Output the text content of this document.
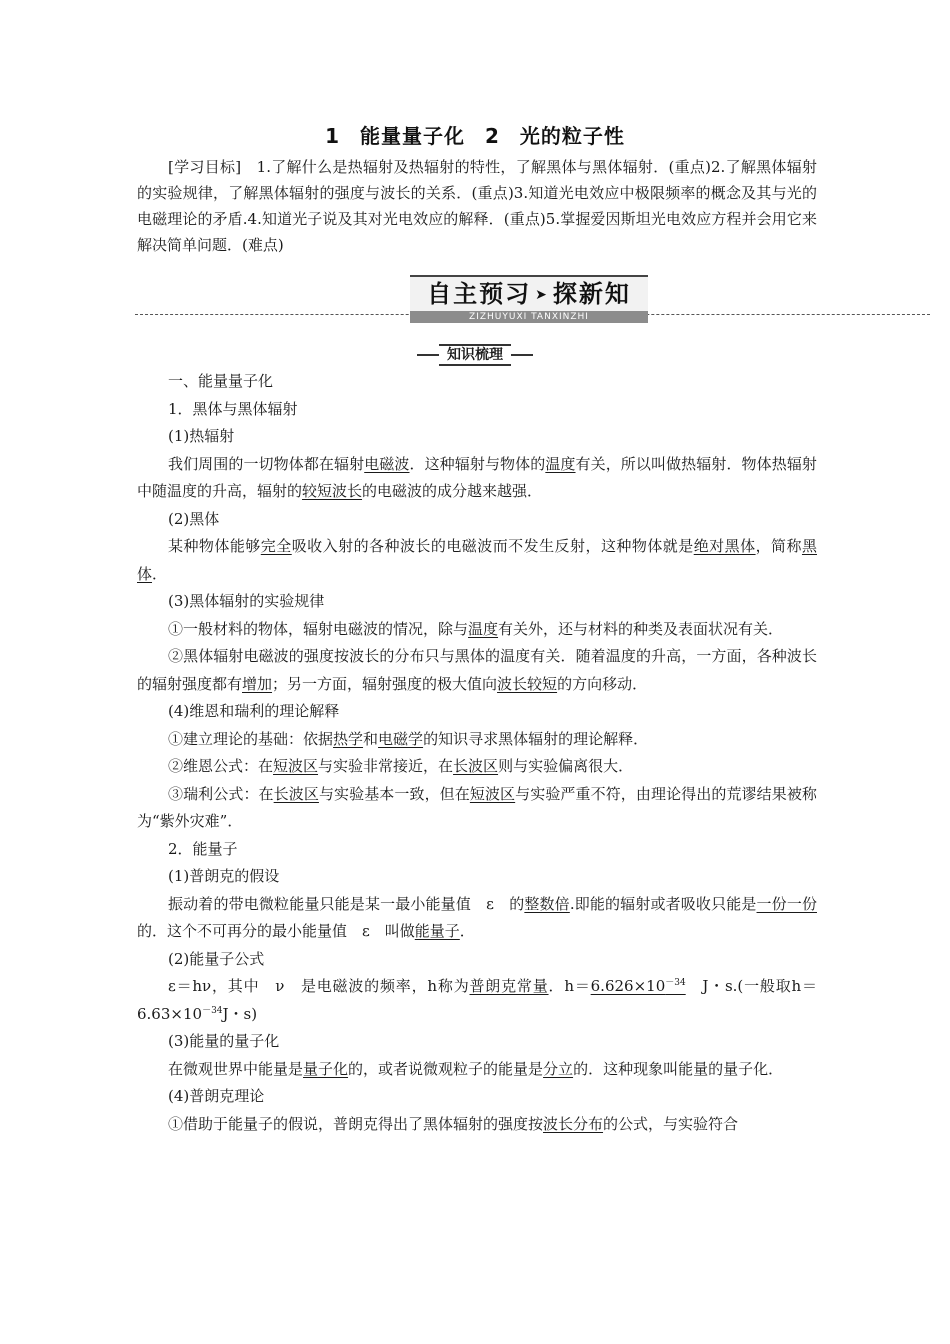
1 能量量子化 2 光的粒子性
[学习目标]　1.了解什么是热辐射及热辐射的特性，了解黑体与黑体辐射．(重点)2.了解黑体辐射的实验规律，了解黑体辐射的强度与波长的关系．(重点)3.知道光电效应中极限频率的概念及其与光的电磁理论的矛盾.4.知道光子说及其对光电效应的解释．(重点)5.掌握爱因斯坦光电效应方程并会用它来解决简单问题．(难点)
自主预习 ➤ 探新知
ZIZHUYUXI TANXINZHI
知识梳理

一、能量量子化

1．黑体与黑体辐射

(1)热辐射

我们周围的一切物体都在辐射电磁波．这种辐射与物体的温度有关，所以叫做热辐射．物体热辐射中随温度的升高，辐射的较短波长的电磁波的成分越来越强．

(2)黑体

某种物体能够完全吸收入射的各种波长的电磁波而不发生反射，这种物体就是绝对黑体，简称黑体．

(3)黑体辐射的实验规律

①一般材料的物体，辐射电磁波的情况，除与温度有关外，还与材料的种类及表面状况有关．

②黑体辐射电磁波的强度按波长的分布只与黑体的温度有关．随着温度的升高，一方面，各种波长的辐射强度都有增加；另一方面，辐射强度的极大值向波长较短的方向移动．

(4)维恩和瑞利的理论解释

①建立理论的基础：依据热学和电磁学的知识寻求黑体辐射的理论解释．

②维恩公式：在短波区与实验非常接近，在长波区则与实验偏离很大．

③瑞利公式：在长波区与实验基本一致，但在短波区与实验严重不符，由理论得出的荒谬结果被称为“紫外灾难”．

2．能量子

(1)普朗克的假设

振动着的带电微粒能量只能是某一最小能量值　ε　的整数倍.即能的辐射或者吸收只能是一份一份的．这个不可再分的最小能量值　ε　叫做能量子．

(2)能量子公式

ε＝hν，其中　ν　是电磁波的频率，h称为普朗克常量．$h=6.626\times 10^{-34}$　J・s.(一般取$h=6.63\times 10^{-34}J$・s)

(3)能量的量子化

在微观世界中能量是量子化的，或者说微观粒子的能量是分立的．这种现象叫能量的量子化．

(4)普朗克理论

①借助于能量子的假说，普朗克得出了黑体辐射的强度按波长分布的公式，与实验符合
